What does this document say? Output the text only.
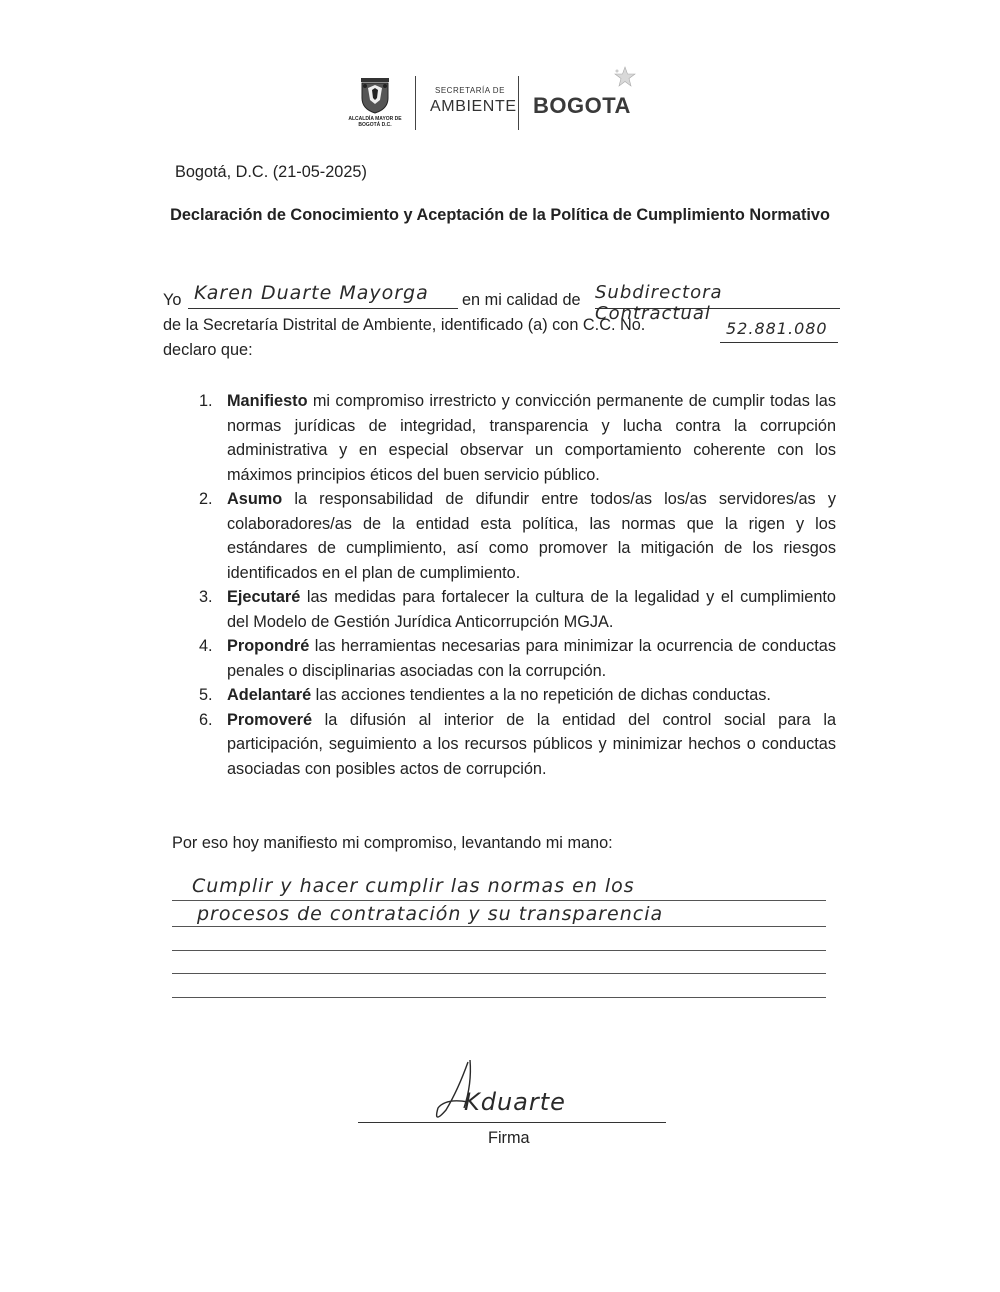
ALCALDÍA MAYOR DE BOGOTÁ D.C.
SECRETARÍA DE
AMBIENTE BOGOTA
Bogotá, D.C. (21-05-2025)
Declaración de Conocimiento y Aceptación de la Política de Cumplimiento Normativo
Yo Karen Duarte Mayorga en mi calidad de Subdirectora Contractual
de la Secretaría Distrital de Ambiente, identificado (a) con C.C. No.	52.881.080
declaro que:
1. Manifiesto mi compromiso irrestricto y convicción permanente de cumplir todas las normas jurídicas de integridad, transparencia y lucha contra la corrupción administrativa y en especial observar un comportamiento coherente con los máximos principios éticos del buen servicio público.
2. Asumo la responsabilidad de difundir entre todos/as los/as servidores/as y colaboradores/as de la entidad esta política, las normas que la rigen y los estándares de cumplimiento, así como promover la mitigación de los riesgos identificados en el plan de cumplimiento.
3. Ejecutaré las medidas para fortalecer la cultura de la legalidad y el cumplimiento del Modelo de Gestión Jurídica Anticorrupción MGJA.
4. Propondré las herramientas necesarias para minimizar la ocurrencia de conductas penales o disciplinarias asociadas con la corrupción.
5. Adelantaré las acciones tendientes a la no repetición de dichas conductas.
6. Promoveré la difusión al interior de la entidad del control social para la participación, seguimiento a los recursos públicos y minimizar hechos o conductas asociadas con posibles actos de corrupción.
Por eso hoy manifiesto mi compromiso, levantando mi mano:
Cumplir y hacer cumplir las normas en los
procesos de contratación y su transparencia
Kduarte
Firma
